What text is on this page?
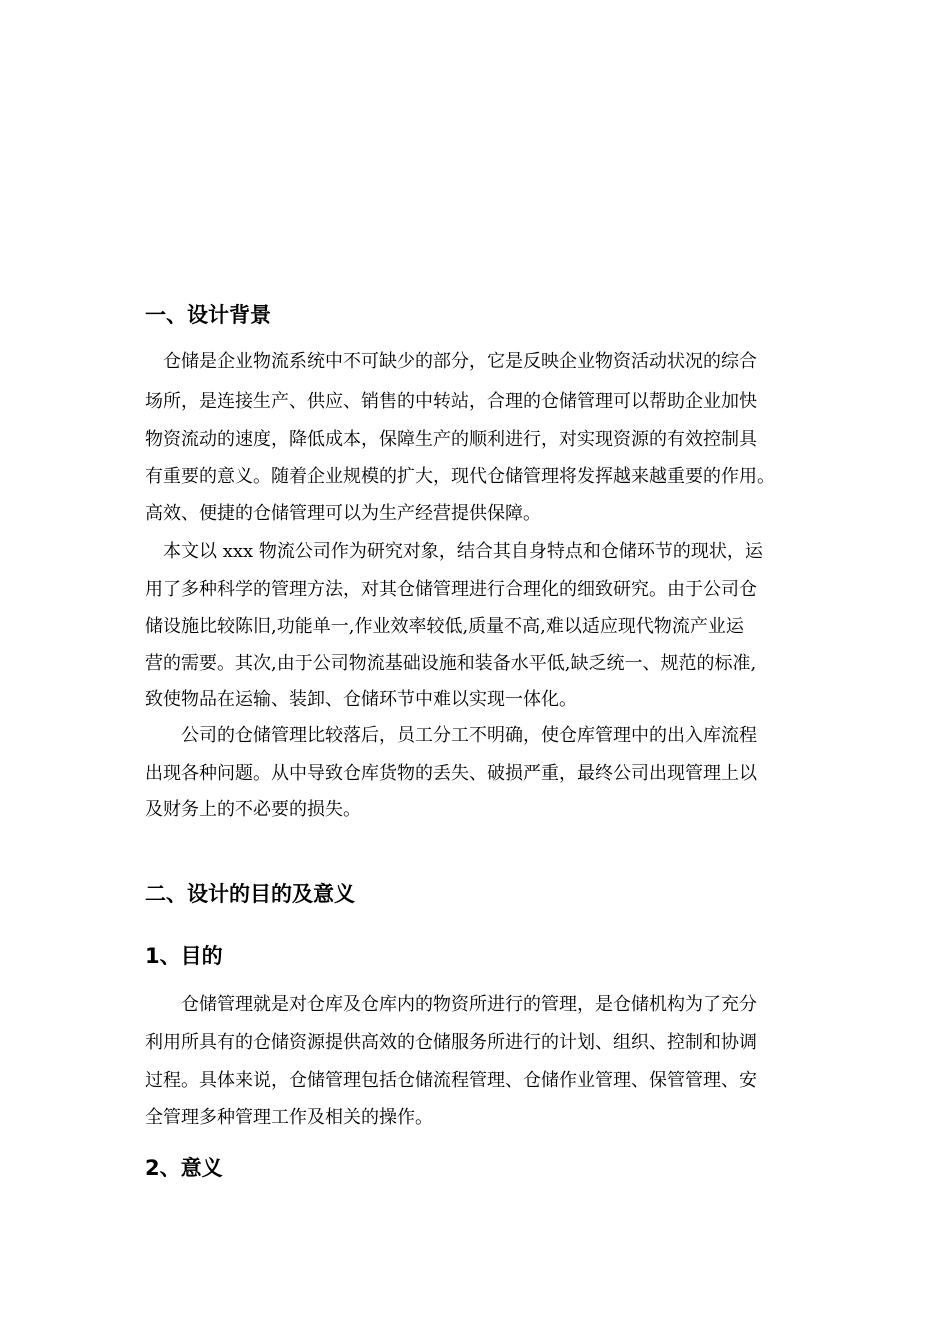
一、设计背景

仓储是企业物流系统中不可缺少的部分，它是反映企业物资活动状况的综合

场所，是连接生产、供应、销售的中转站，合理的仓储管理可以帮助企业加快

物资流动的速度，降低成本，保障生产的顺利进行，对实现资源的有效控制具

有重要的意义。随着企业规模的扩大，现代仓储管理将发挥越来越重要的作用。

高效、便捷的仓储管理可以为生产经营提供保障。

本文以 xxx 物流公司作为研究对象，结合其自身特点和仓储环节的现状，运

用了多种科学的管理方法，对其仓储管理进行合理化的细致研究。由于公司仓

储设施比较陈旧,功能单一,作业效率较低,质量不高,难以适应现代物流产业运

营的需要。其次,由于公司物流基础设施和装备水平低,缺乏统一、规范的标准,

致使物品在运输、装卸、仓储环节中难以实现一体化。

公司的仓储管理比较落后，员工分工不明确，使仓库管理中的出入库流程

出现各种问题。从中导致仓库货物的丢失、破损严重，最终公司出现管理上以

及财务上的不必要的损失。

二、设计的目的及意义
1、目的

仓储管理就是对仓库及仓库内的物资所进行的管理，是仓储机构为了充分

利用所具有的仓储资源提供高效的仓储服务所进行的计划、组织、控制和协调

过程。具体来说，仓储管理包括仓储流程管理、仓储作业管理、保管管理、安

全管理多种管理工作及相关的操作。

2、意义
